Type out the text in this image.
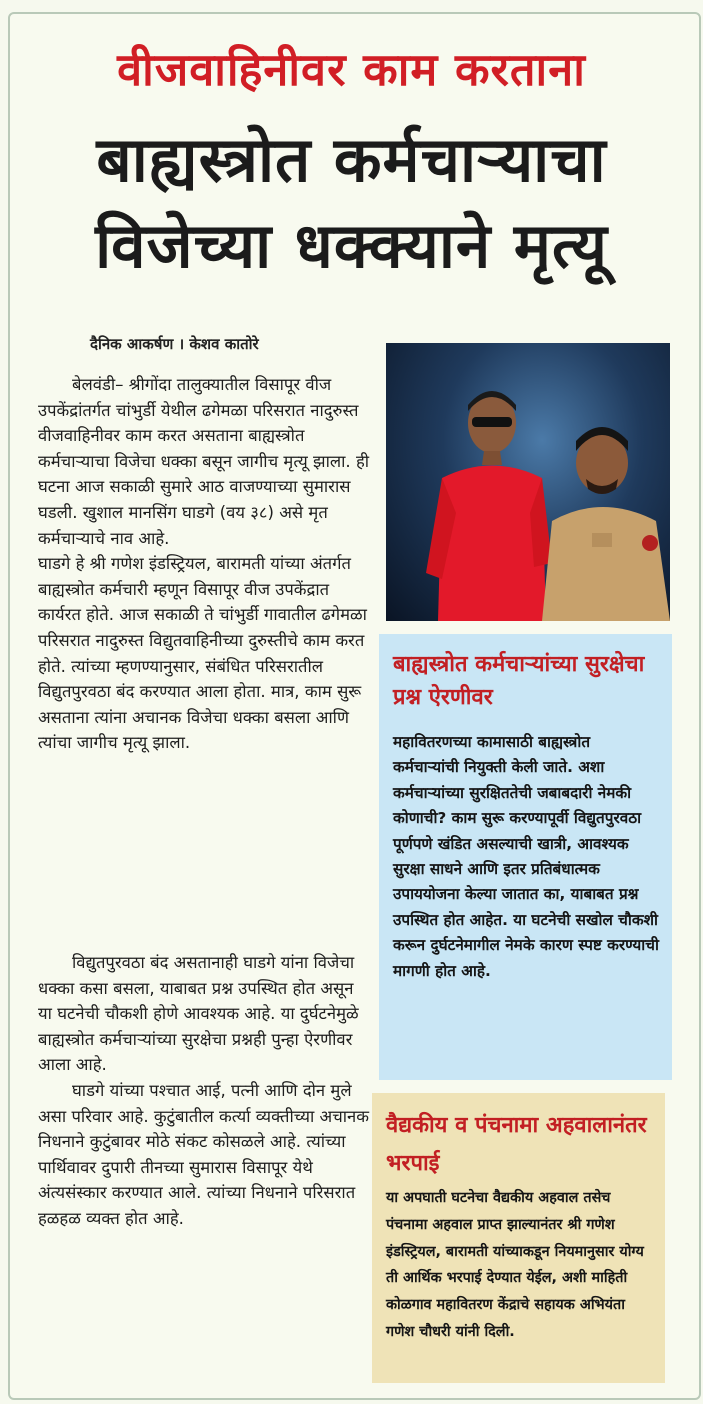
वीजवाहिनीवर काम करताना
बाह्यस्त्रोत कर्मचाऱ्याचा
विजेच्या धक्क्याने मृत्यू
दैनिक आकर्षण । केशव कातोरे

बेलवंडी– श्रीगोंदा तालुक्यातील विसापूर वीज उपकेंद्रांतर्गत चांभुर्डी येथील ढगेमळा परिसरात नादुरुस्त वीजवाहिनीवर काम करत असताना बाह्यस्त्रोत कर्मचाऱ्याचा विजेचा धक्का बसून जागीच मृत्यू झाला. ही घटना आज सकाळी सुमारे आठ वाजण्याच्या सुमारास घडली. खुशाल मानसिंग घाडगे (वय ३८) असे मृत कर्मचाऱ्याचे नाव आहे.

घाडगे हे श्री गणेश इंडस्ट्रियल, बारामती यांच्या अंतर्गत बाह्यस्त्रोत कर्मचारी म्हणून विसापूर वीज उपकेंद्रात कार्यरत होते. आज सकाळी ते चांभुर्डी गावातील ढगेमळा परिसरात नादुरुस्त विद्युतवाहिनीच्या दुरुस्तीचे काम करत होते. त्यांच्या म्हणण्यानुसार, संबंधित परिसरातील विद्युतपुरवठा बंद करण्यात आला होता. मात्र, काम सुरू असताना त्यांना अचानक विजेचा धक्का बसला आणि त्यांचा जागीच मृत्यू झाला.

विद्युतपुरवठा बंद असतानाही घाडगे यांना विजेचा धक्का कसा बसला, याबाबत प्रश्न उपस्थित होत असून या घटनेची चौकशी होणे आवश्यक आहे. या दुर्घटनेमुळे बाह्यस्त्रोत कर्मचाऱ्यांच्या सुरक्षेचा प्रश्नही पुन्हा ऐरणीवर आला आहे.

घाडगे यांच्या पश्चात आई, पत्नी आणि दोन मुले असा परिवार आहे. कुटुंबातील कर्त्या व्यक्तीच्या अचानक निधनाने कुटुंबावर मोठे संकट कोसळले आहे. त्यांच्या पार्थिवावर दुपारी तीनच्या सुमारास विसापूर येथे अंत्यसंस्कार करण्यात आले. त्यांच्या निधनाने परिसरात हळहळ व्यक्त होत आहे.

बाह्यस्त्रोत कर्मचाऱ्यांच्या सुरक्षेचा प्रश्न ऐरणीवर
महावितरणच्या कामासाठी बाह्यस्त्रोत कर्मचाऱ्यांची नियुक्ती केली जाते. अशा कर्मचाऱ्यांच्या सुरक्षिततेची जबाबदारी नेमकी कोणाची? काम सुरू करण्यापूर्वी विद्युतपुरवठा पूर्णपणे खंडित असल्याची खात्री, आवश्यक सुरक्षा साधने आणि इतर प्रतिबंधात्मक उपाययोजना केल्या जातात का, याबाबत प्रश्न उपस्थित होत आहेत. या घटनेची सखोल चौकशी करून दुर्घटनेमागील नेमके कारण स्पष्ट करण्याची मागणी होत आहे.
वैद्यकीय व पंचनामा अहवालानंतर भरपाई
या अपघाती घटनेचा वैद्यकीय अहवाल तसेच पंचनामा अहवाल प्राप्त झाल्यानंतर श्री गणेश इंडस्ट्रियल, बारामती यांच्याकडून नियमानुसार योग्य ती आर्थिक भरपाई देण्यात येईल, अशी माहिती कोळगाव महावितरण केंद्राचे सहायक अभियंता गणेश चौधरी यांनी दिली.
